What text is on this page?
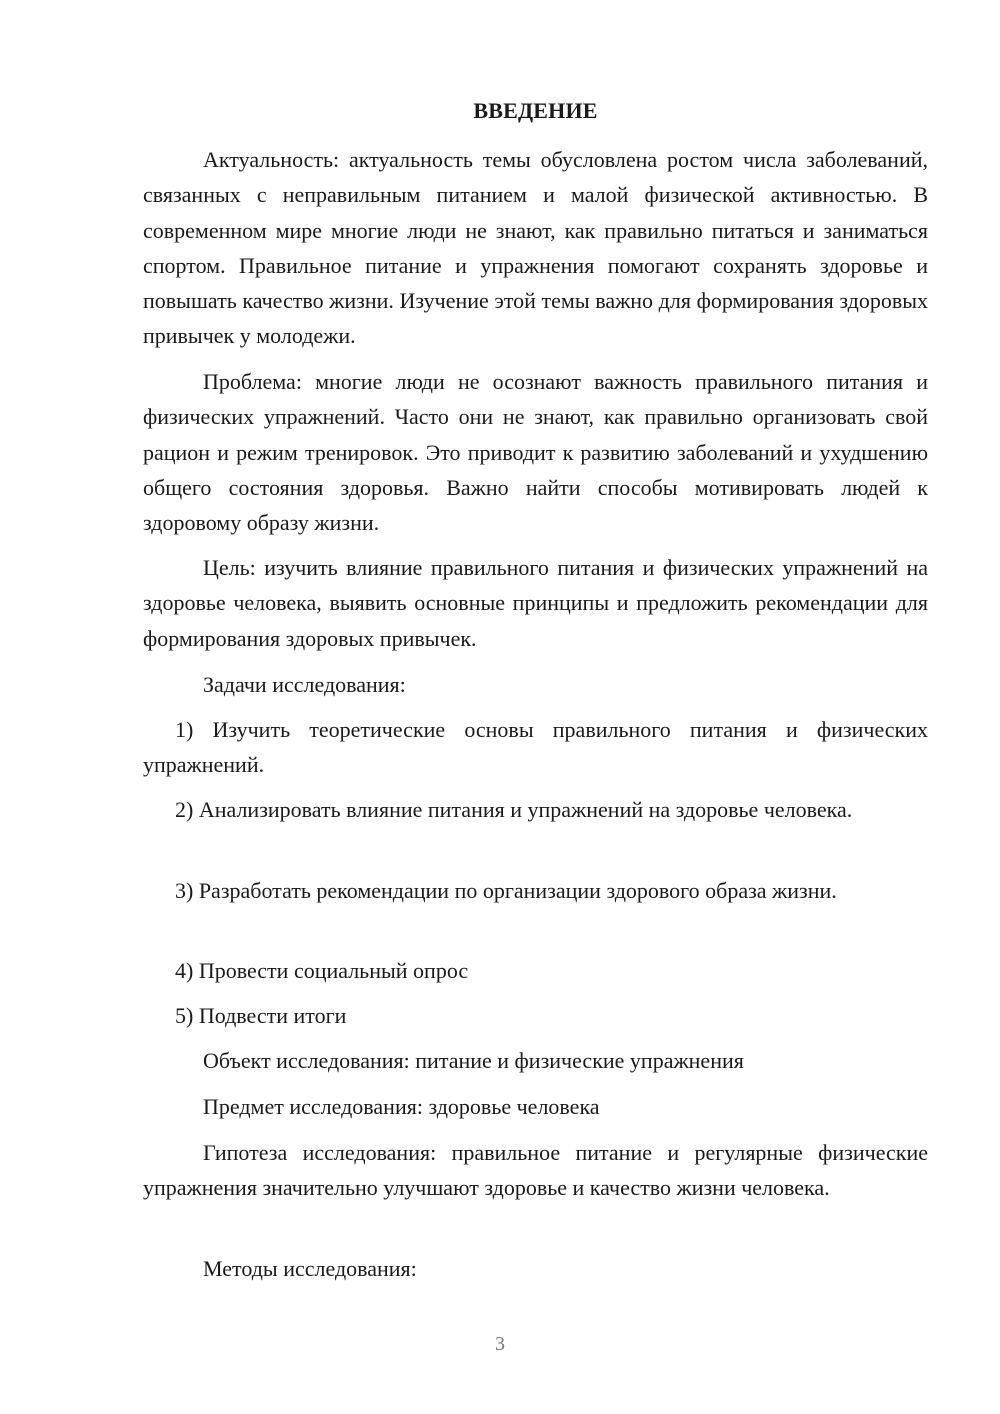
ВВЕДЕНИЕ

Актуальность: актуальность темы обусловлена ростом числа заболеваний, связанных с неправильным питанием и малой физической активностью. В современном мире многие люди не знают, как правильно питаться и заниматься спортом. Правильное питание и упражнения помогают сохранять здоровье и повышать качество жизни. Изучение этой темы важно для формирования здоровых привычек у молодежи.

Проблема: многие люди не осознают важность правильного питания и физических упражнений. Часто они не знают, как правильно организовать свой рацион и режим тренировок. Это приводит к развитию заболеваний и ухудшению общего состояния здоровья. Важно найти способы мотивировать людей к здоровому образу жизни.

Цель: изучить влияние правильного питания и физических упражнений на здоровье человека, выявить основные принципы и предложить рекомендации для формирования здоровых привычек.

Задачи исследования:

1) Изучить теоретические основы правильного питания и физических упражнений.

2) Анализировать влияние питания и упражнений на здоровье человека.

3) Разработать рекомендации по организации здорового образа жизни.

4) Провести социальный опрос

5) Подвести итоги

Объект исследования: питание и физические упражнения

Предмет исследования: здоровье человека

Гипотеза исследования: правильное питание и регулярные физические упражнения значительно улучшают здоровье и качество жизни человека.

Методы исследования:

3
